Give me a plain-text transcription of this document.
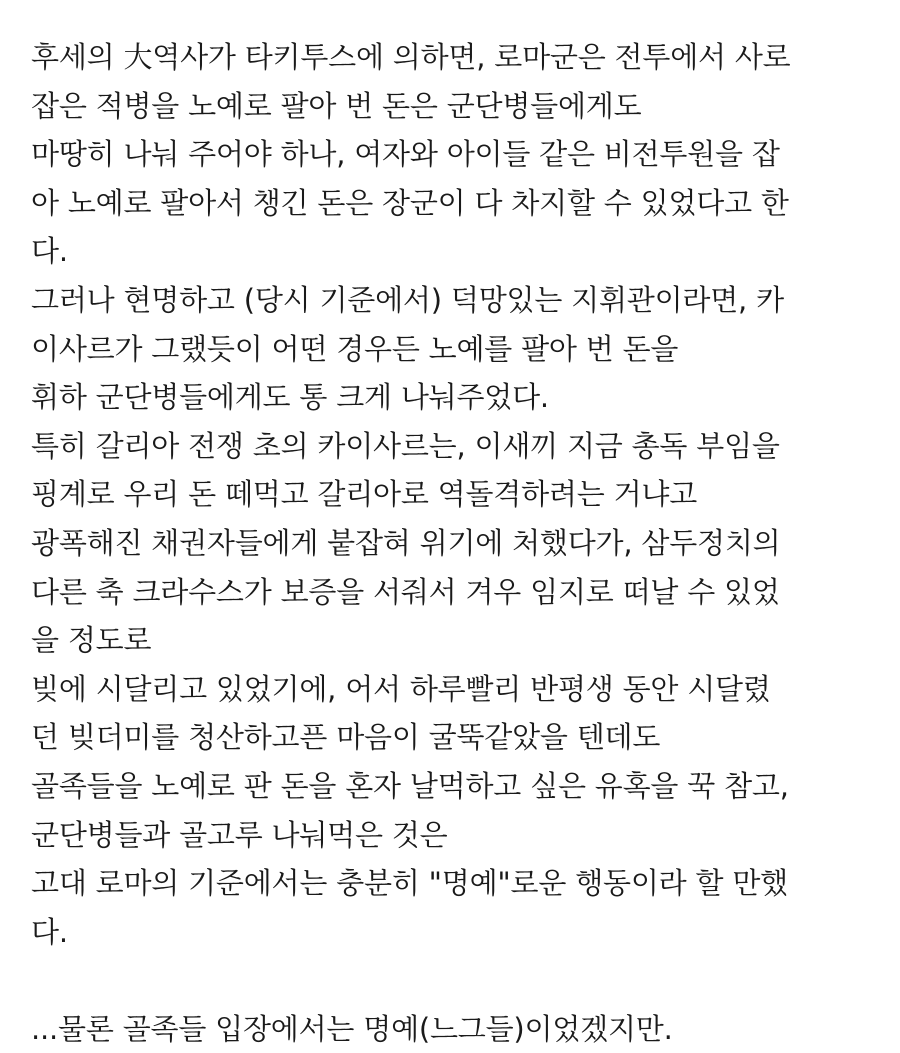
후세의 大역사가 타키투스에 의하면, 로마군은 전투에서 사로
잡은 적병을 노예로 팔아 번 돈은 군단병들에게도
마땅히 나눠 주어야 하나, 여자와 아이들 같은 비전투원을 잡
아 노예로 팔아서 챙긴 돈은 장군이 다 차지할 수 있었다고 한
다.
그러나 현명하고 (당시 기준에서) 덕망있는 지휘관이라면, 카
이사르가 그랬듯이 어떤 경우든 노예를 팔아 번 돈을
휘하 군단병들에게도 통 크게 나눠주었다.
특히 갈리아 전쟁 초의 카이사르는, 이새끼 지금 총독 부임을
핑계로 우리 돈 떼먹고 갈리아로 역돌격하려는 거냐고
광폭해진 채권자들에게 붙잡혀 위기에 처했다가, 삼두정치의
다른 축 크라수스가 보증을 서줘서 겨우 임지로 떠날 수 있었
을 정도로
빚에 시달리고 있었기에, 어서 하루빨리 반평생 동안 시달렸
던 빚더미를 청산하고픈 마음이 굴뚝같았을 텐데도
골족들을 노예로 판 돈을 혼자 날먹하고 싶은 유혹을 꾹 참고,
군단병들과 골고루 나눠먹은 것은
고대 로마의 기준에서는 충분히 "명예"로운 행동이라 할 만했
다.
...물론 골족들 입장에서는 명예(느그들)이었겠지만.
